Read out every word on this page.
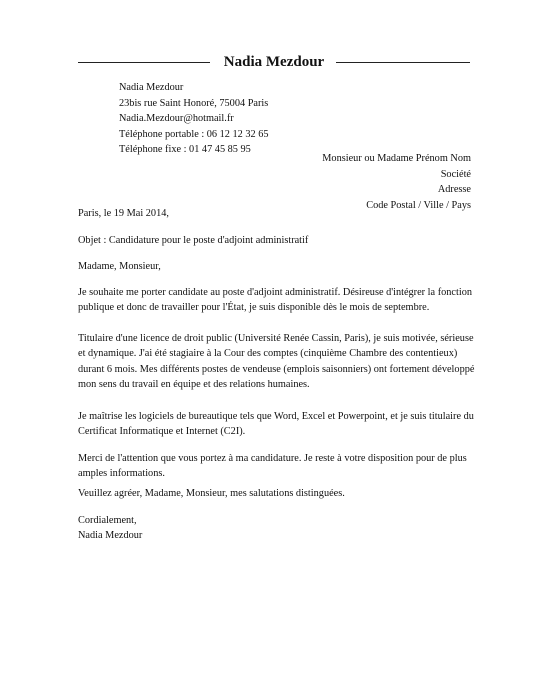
Nadia Mezdour
Nadia Mezdour
23bis rue Saint Honoré, 75004 Paris
Nadia.Mezdour@hotmail.fr
Téléphone portable : 06 12 12 32 65
Téléphone fixe : 01 47 45 85 95
Monsieur ou Madame Prénom Nom
Société
Adresse
Code Postal / Ville / Pays
Paris, le 19 Mai 2014,
Objet : Candidature pour le poste d'adjoint administratif
Madame, Monsieur,

Je souhaite me porter candidate au poste d'adjoint administratif. Désireuse d'intégrer la fonction publique et donc de travailler pour l'État, je suis disponible dès le mois de septembre.

Titulaire d'une licence de droit public (Université Renée Cassin, Paris), je suis motivée, sérieuse et dynamique. J'ai été stagiaire à la Cour des comptes (cinquième Chambre des contentieux) durant 6 mois. Mes différents postes de vendeuse (emplois saisonniers) ont fortement développé mon sens du travail en équipe et des relations humaines.

Je maîtrise les logiciels de bureautique tels que Word, Excel et Powerpoint, et je suis titulaire du Certificat Informatique et Internet (C2I).

Merci de l'attention que vous portez à ma candidature. Je reste à votre disposition pour de plus amples informations.

Veuillez agréer, Madame, Monsieur, mes salutations distinguées.
Cordialement,
Nadia Mezdour
